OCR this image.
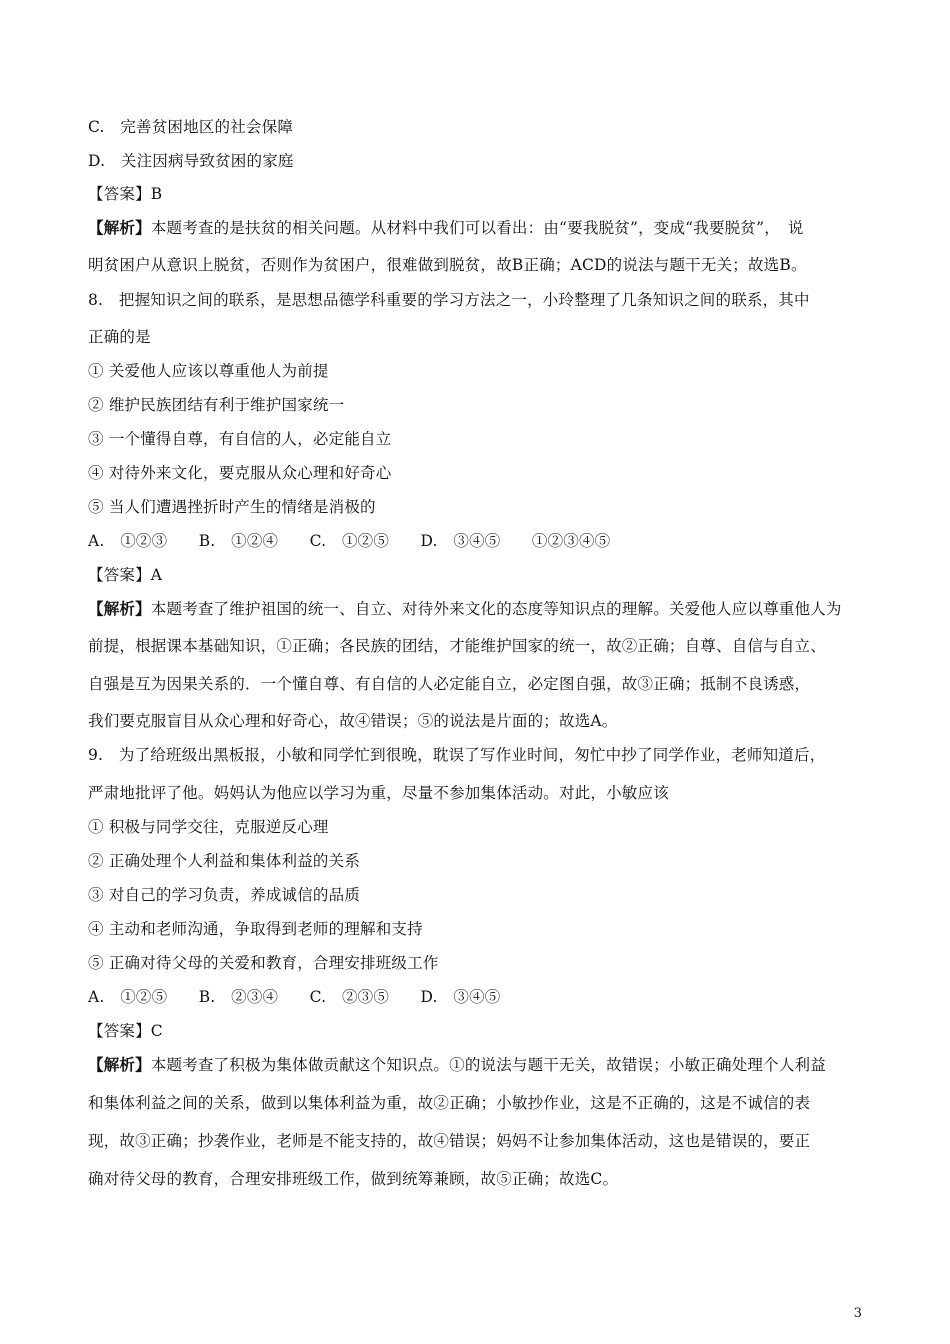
C.　完善贫困地区的社会保障
D.　关注因病导致贫困的家庭
【答案】B
【解析】本题考查的是扶贫的相关问题。从材料中我们可以看出：由“要我脱贫”，变成“我要脱贫”，　说
明贫困户从意识上脱贫，否则作为贫困户，很难做到脱贫，故B正确；ACD的说法与题干无关；故选B。
8.　把握知识之间的联系，是思想品德学科重要的学习方法之一，小玲整理了几条知识之间的联系，其中
正确的是
① 关爱他人应该以尊重他人为前提
② 维护民族团结有利于维护国家统一
③ 一个懂得自尊，有自信的人，必定能自立
④ 对待外来文化，要克服从众心理和好奇心
⑤ 当人们遭遇挫折时产生的情绪是消极的
A.　①②③　　B.　①②④　　C.　①②⑤　　D.　③④⑤　　①②③④⑤
【答案】A
【解析】本题考查了维护祖国的统一、自立、对待外来文化的态度等知识点的理解。关爱他人应以尊重他人为
前提，根据课本基础知识，①正确；各民族的团结，才能维护国家的统一，故②正确；自尊、自信与自立、
自强是互为因果关系的．一个懂自尊、有自信的人必定能自立，必定图自强，故③正确；抵制不良诱惑，
我们要克服盲目从众心理和好奇心，故④错误；⑤的说法是片面的；故选A。
9.　为了给班级出黑板报，小敏和同学忙到很晚，耽误了写作业时间，匆忙中抄了同学作业，老师知道后，
严肃地批评了他。妈妈认为他应以学习为重，尽量不参加集体活动。对此，小敏应该
① 积极与同学交往，克服逆反心理
② 正确处理个人利益和集体利益的关系
③ 对自己的学习负责，养成诚信的品质
④ 主动和老师沟通，争取得到老师的理解和支持
⑤ 正确对待父母的关爱和教育，合理安排班级工作
A.　①②⑤　　B.　②③④　　C.　②③⑤　　D.　③④⑤
【答案】C
【解析】本题考查了积极为集体做贡献这个知识点。①的说法与题干无关，故错误；小敏正确处理个人利益
和集体利益之间的关系，做到以集体利益为重，故②正确；小敏抄作业，这是不正确的，这是不诚信的表
现，故③正确；抄袭作业，老师是不能支持的，故④错误；妈妈不让参加集体活动，这也是错误的，要正
确对待父母的教育，合理安排班级工作，做到统筹兼顾，故⑤正确；故选C。
3
